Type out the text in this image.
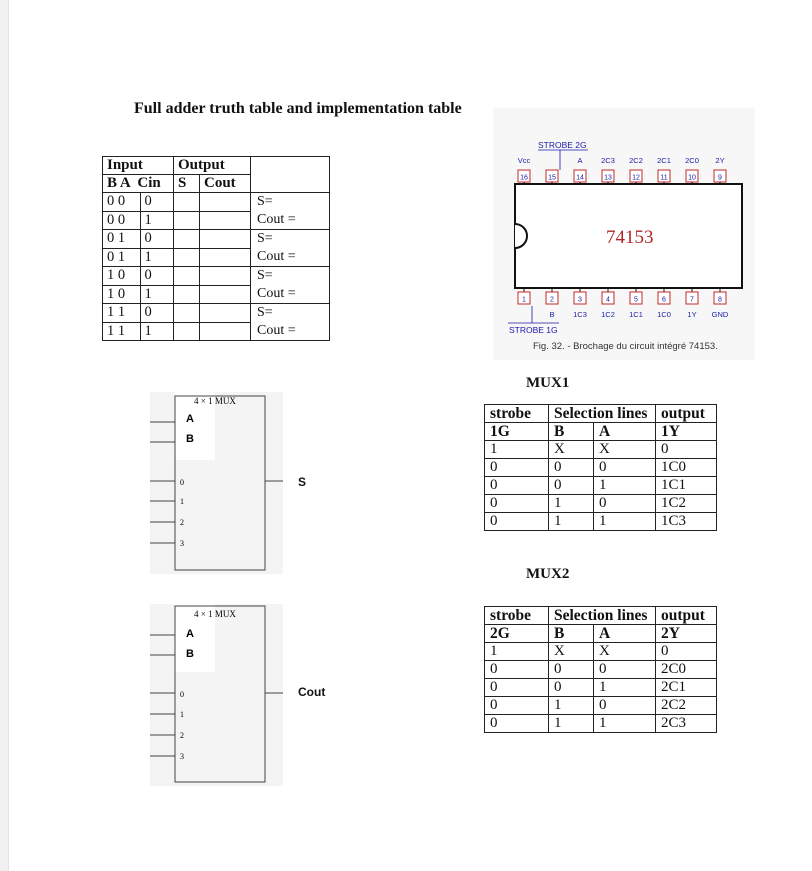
Full adder truth table and implementation table
Input		Output		
B A  Cin		S	Cout	
0 0	0			S=
0 0	1			Cout =
0 1	0			S=
0 1	1			Cout =
1 0	0			S=
1 0	1			Cout =
1 1	0			S=
1 1	1			Cout =
STROBE 2G
Vcc
16	15
A
14
2C3
13
2C2
12
2C1
11
2C0
10
2Y
9
74153
1	2
B
3
1C3
4
1C2
5
1C1
6
1C0
7
1Y
8
GND
STROBE 1G
Fig. 32. - Brochage du circuit intégré 74153.
MUX1
strobe	Selection lines		output
1G	B	A	1Y
1	X	X	0
0	0	0	1C0
0	0	1	1C1
0	1	0	1C2
0	1	1	1C3
MUX2
strobe	Selection lines		output
2G	B	A	2Y
1	X	X	0
0	0	0	2C0
0	0	1	2C1
0	1	0	2C2
0	1	1	2C3
4 × 1 MUX
A
B
0
1
2
3
S
4 × 1 MUX
A
B
0
1
2
3
Cout
